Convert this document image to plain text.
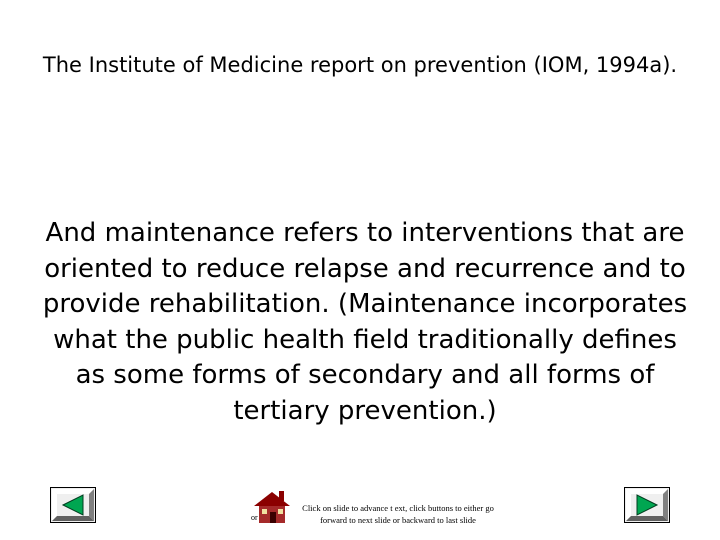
The Institute of Medicine report on prevention (IOM, 1994a).

And maintenance refers to interventions that are oriented to reduce relapse and recurrence and to provide rehabilitation. (Maintenance incorporates what the public health field traditionally defines as some forms of secondary and all forms of tertiary prevention.)

or

Click on slide to advance t ext, click buttons to either go forward to next slide or backward to last slide
